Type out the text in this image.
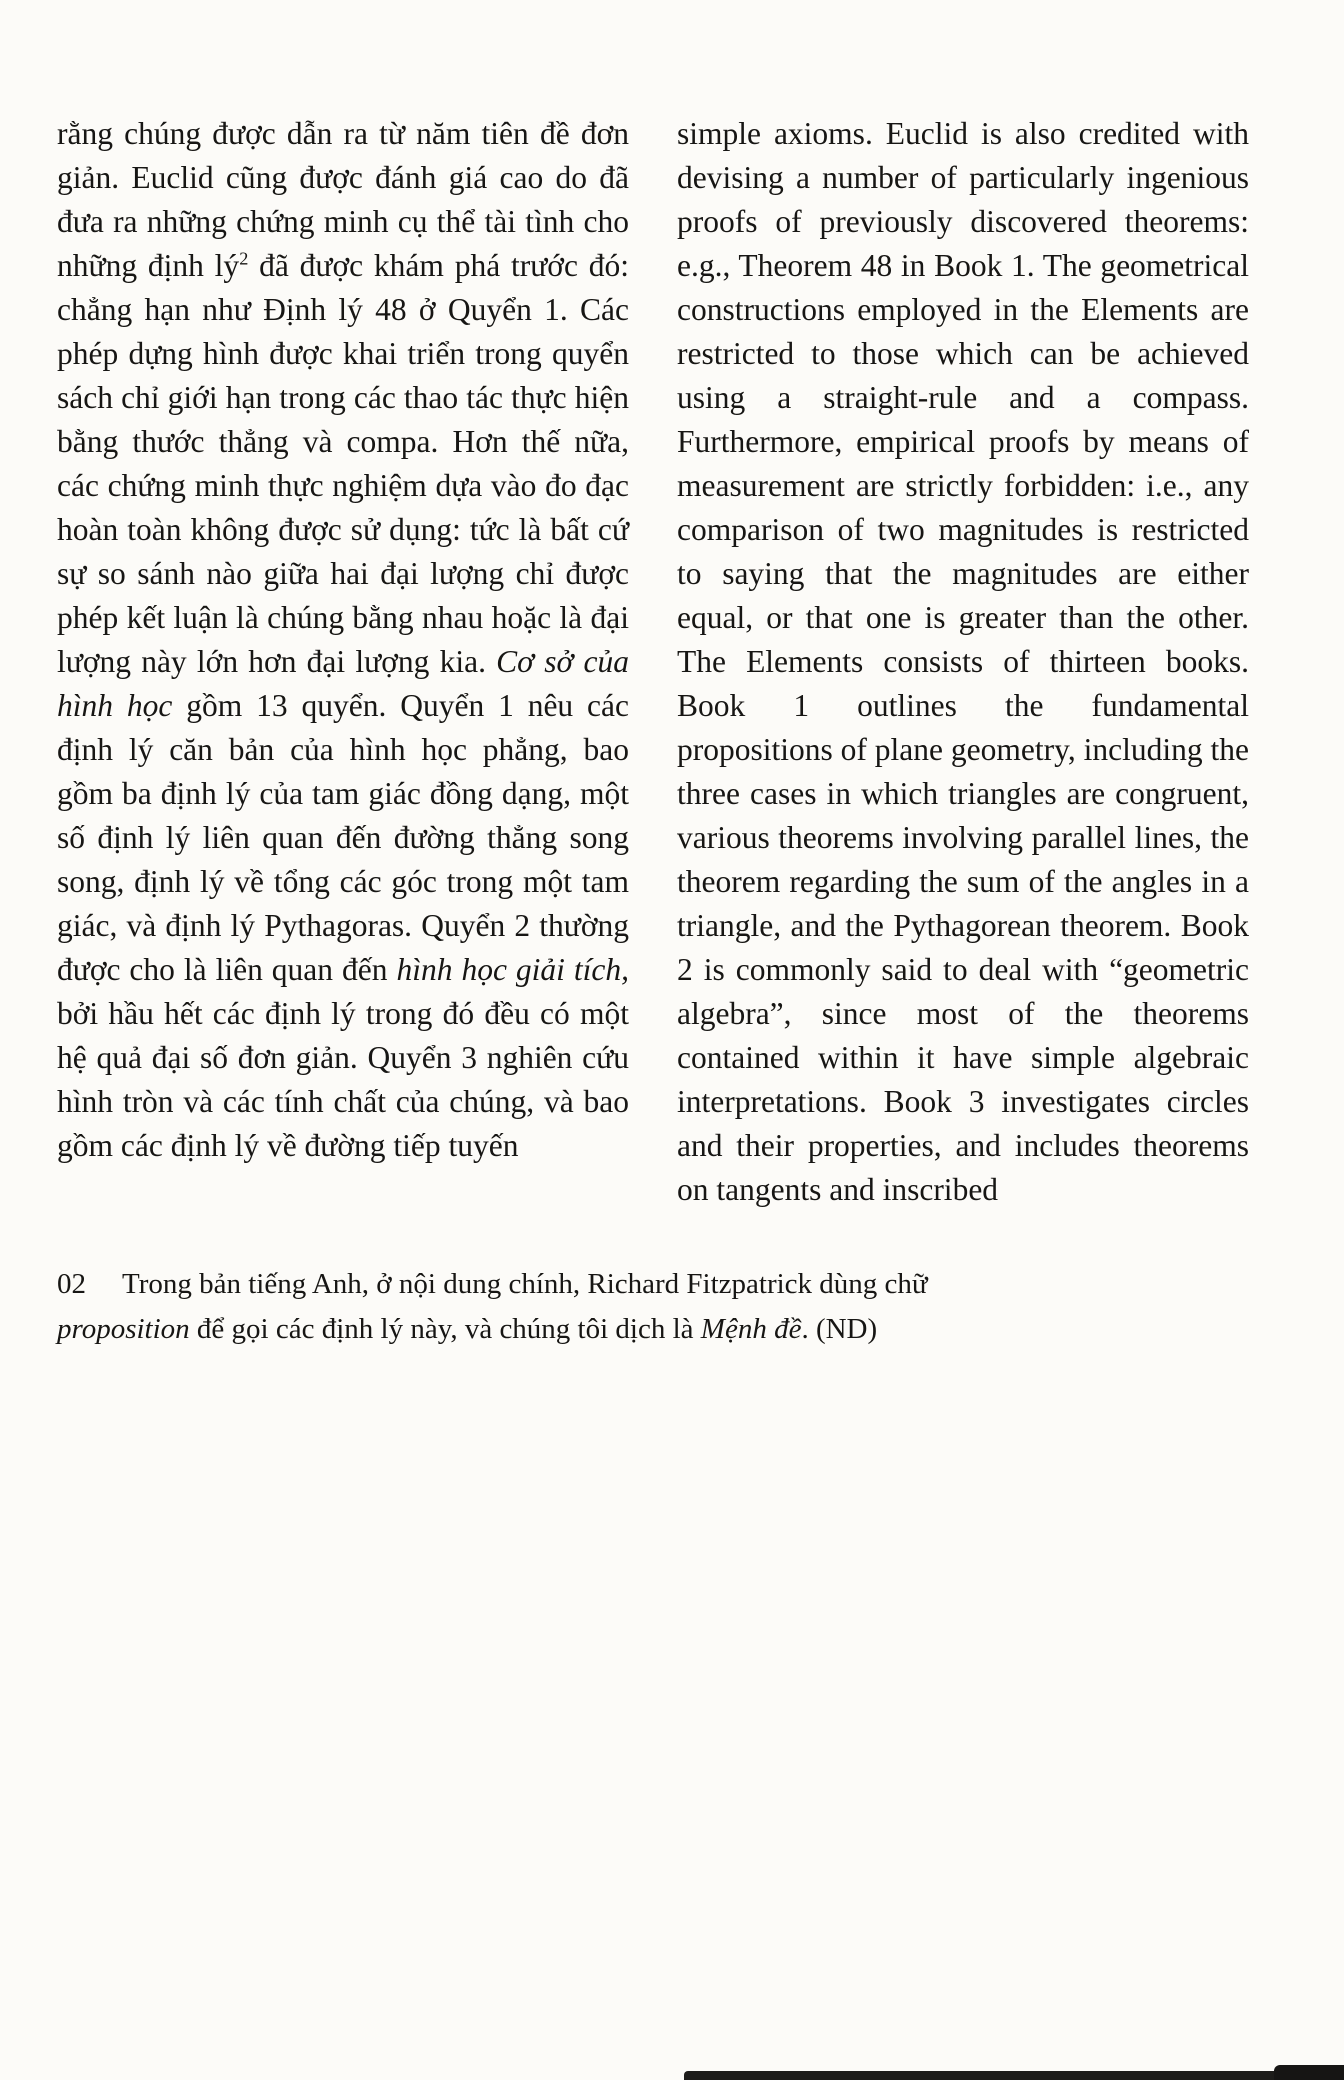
rằng chúng được dẫn ra từ năm tiên đề đơn giản. Euclid cũng được đánh giá cao do đã đưa ra những chứng minh cụ thể tài tình cho những định lý$^2$ đã được khám phá trước đó: chẳng hạn như Định lý 48 ở Quyển 1. Các phép dựng hình được khai triển trong quyển sách chỉ giới hạn trong các thao tác thực hiện bằng thước thẳng và compa. Hơn thế nữa, các chứng minh thực nghiệm dựa vào đo đạc hoàn toàn không được sử dụng: tức là bất cứ sự so sánh nào giữa hai đại lượng chỉ được phép kết luận là chúng bằng nhau hoặc là đại lượng này lớn hơn đại lượng kia. Cơ sở của hình học gồm 13 quyển. Quyển 1 nêu các định lý căn bản của hình học phẳng, bao gồm ba định lý của tam giác đồng dạng, một số định lý liên quan đến đường thẳng song song, định lý về tổng các góc trong một tam giác, và định lý Pythagoras. Quyển 2 thường được cho là liên quan đến hình học giải tích, bởi hầu hết các định lý trong đó đều có một hệ quả đại số đơn giản. Quyển 3 nghiên cứu hình tròn và các tính chất của chúng, và bao gồm các định lý về đường tiếp tuyến

simple axioms. Euclid is also credited with devising a number of particularly ingenious proofs of previously discovered theorems: e.g., Theorem 48 in Book 1. The geometrical constructions employed in the Elements are restricted to those which can be achieved using a straight-rule and a compass. Furthermore, empirical proofs by means of measurement are strictly forbidden: i.e., any comparison of two magnitudes is restricted to saying that the magnitudes are either equal, or that one is greater than the other. The Elements consists of thirteen books. Book 1 outlines the fundamental propositions of plane geometry, including the three cases in which triangles are congruent, various theorems involving parallel lines, the theorem regarding the sum of the angles in a triangle, and the Pythagorean theorem. Book 2 is commonly said to deal with “geometric algebra”, since most of the theorems contained within it have simple algebraic interpretations. Book 3 investigates circles and their properties, and includes theorems on tangents and inscribed

02 Trong bản tiếng Anh, ở nội dung chính, Richard Fitzpatrick dùng chữ proposition để gọi các định lý này, và chúng tôi dịch là Mệnh đề. (ND)
